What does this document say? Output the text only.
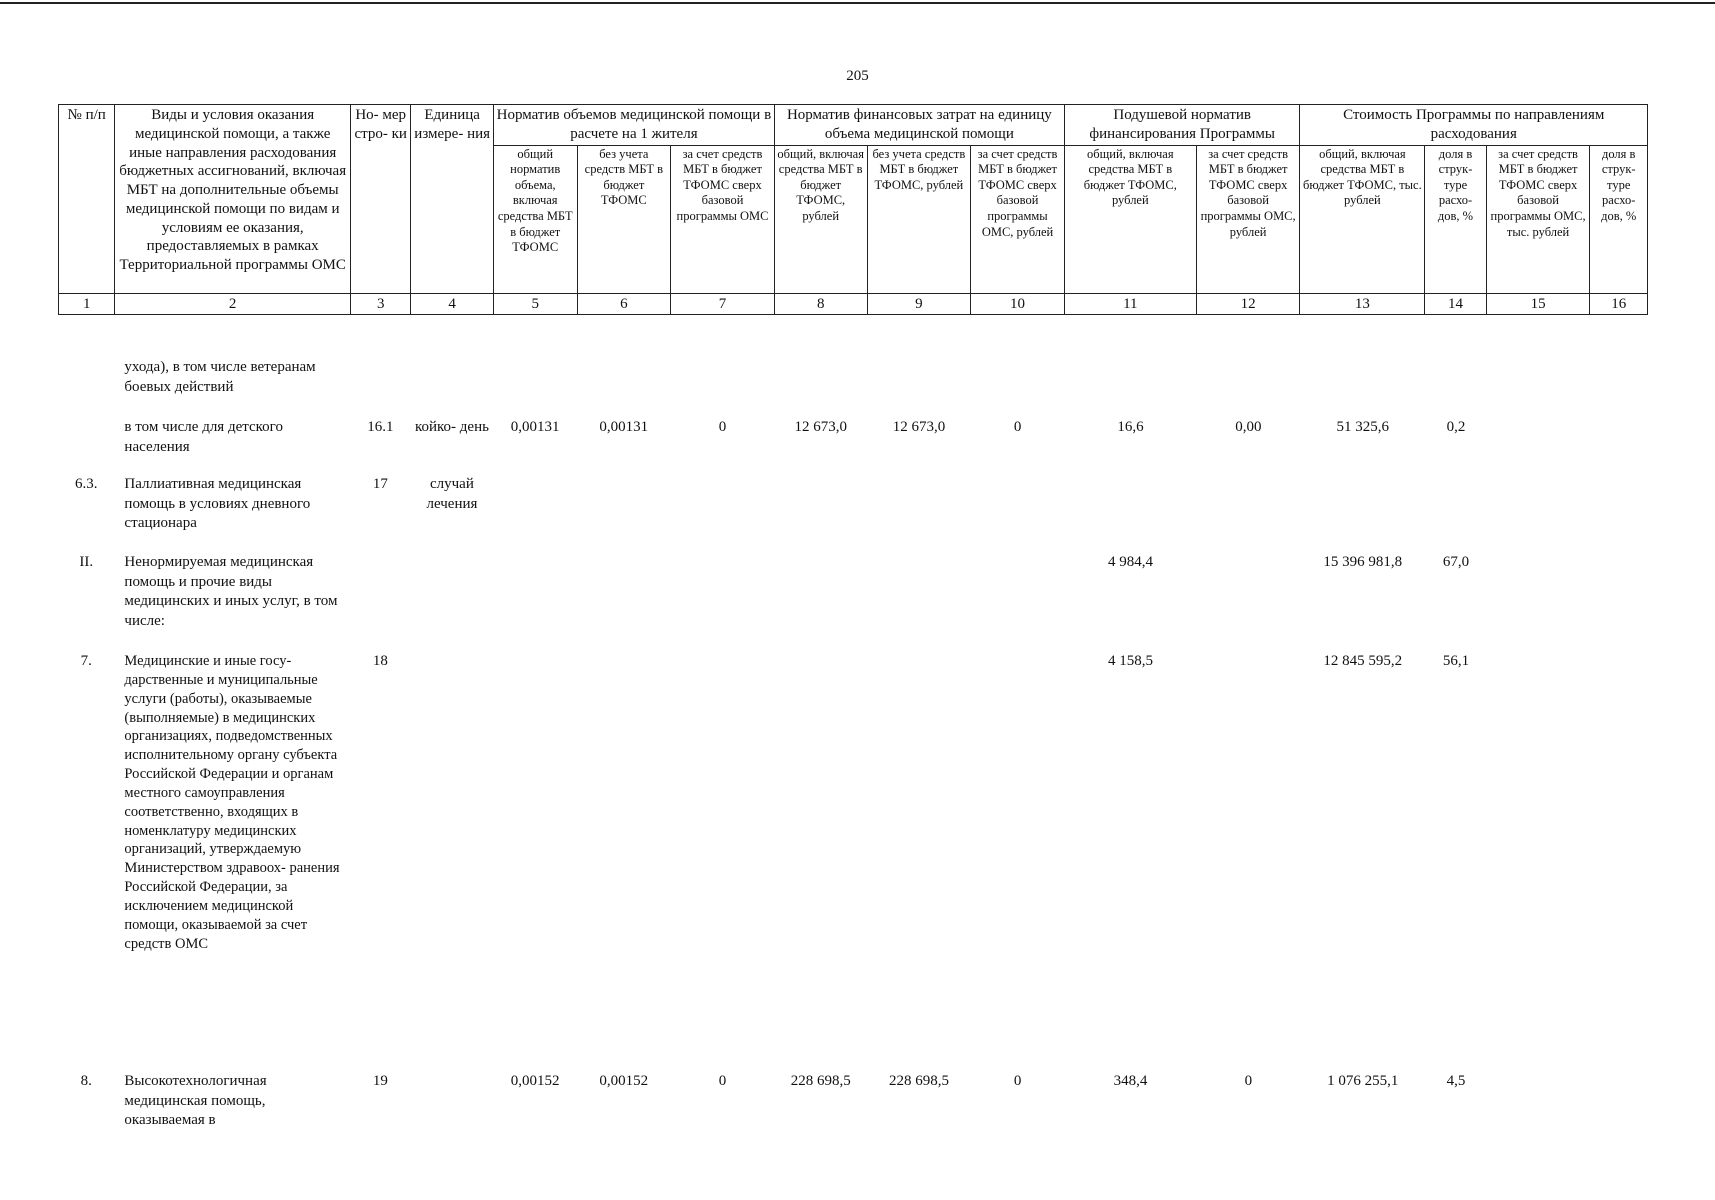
205
№ п/п	Виды и условия оказания медицинской помощи, а также иные направления расходования бюджетных ассигнований, включая МБТ на дополнительные объемы медицинской помощи по видам и условиям ее оказания, предоставляемых в рамках Территориальной программы ОМС	Но- мер стро- ки	Единица измере- ния	Норматив объемов медицинской помощи в расчете на 1 жителя			Норматив финансовых затрат на единицу объема медицинской помощи			Подушевой норматив финансирования Программы		Стоимость Программы по направлениям расходования			
				общий норматив объема, включая средства МБТ в бюджет ТФОМС	без учета средств МБТ в бюджет ТФОМС	за счет средств МБТ в бюджет ТФОМС сверх базовой программы ОМС	общий, включая средства МБТ в бюджет ТФОМС, рублей	без учета средств МБТ в бюджет ТФОМС, рублей	за счет средств МБТ в бюджет ТФОМС сверх базовой программы ОМС, рублей	общий, включая средства МБТ в бюджет ТФОМС, рублей	за счет средств МБТ в бюджет ТФОМС сверх базовой программы ОМС, рублей	общий, включая средства МБТ в бюджет ТФОМС, тыс. рублей	доля в струк- туре расхо- дов, %	за счет средств МБТ в бюджет ТФОМС сверх базовой программы ОМС, тыс. рублей	доля в струк- туре расхо- дов, %
1	2	3	4	5	6	7	8	9	10	11	12	13	14	15	16
	ухода), в том числе ветеранам боевых действий														
	в том числе для детского населения	16.1	койко- день	0,00131	0,00131	0	12 673,0	12 673,0	0	16,6	0,00	51 325,6	0,2		
6.3.	Паллиативная медицинская помощь в условиях дневного стационара	17	случай лечения												
II.	Ненормируемая медицинская помощь и прочие виды медицинских и иных услуг, в том числе:									4 984,4		15 396 981,8	67,0		
7.	Медицинские и иные госу- дарственные и муниципальные услуги (работы), оказываемые (выполняемые) в медицинских организациях, подведомственных исполнительному органу субъекта Российской Федерации и органам местного самоуправления соответственно, входящих в номенклатуру медицинских организаций, утверждаемую Министерством здравоох- ранения Российской Федерации, за исключением медицинской помощи, оказываемой за счет средств ОМС	18								4 158,5		12 845 595,2	56,1		
8.	Высокотехнологичная медицинская помощь, оказываемая в	19		0,00152	0,00152	0	228 698,5	228 698,5	0	348,4	0	1 076 255,1	4,5		
